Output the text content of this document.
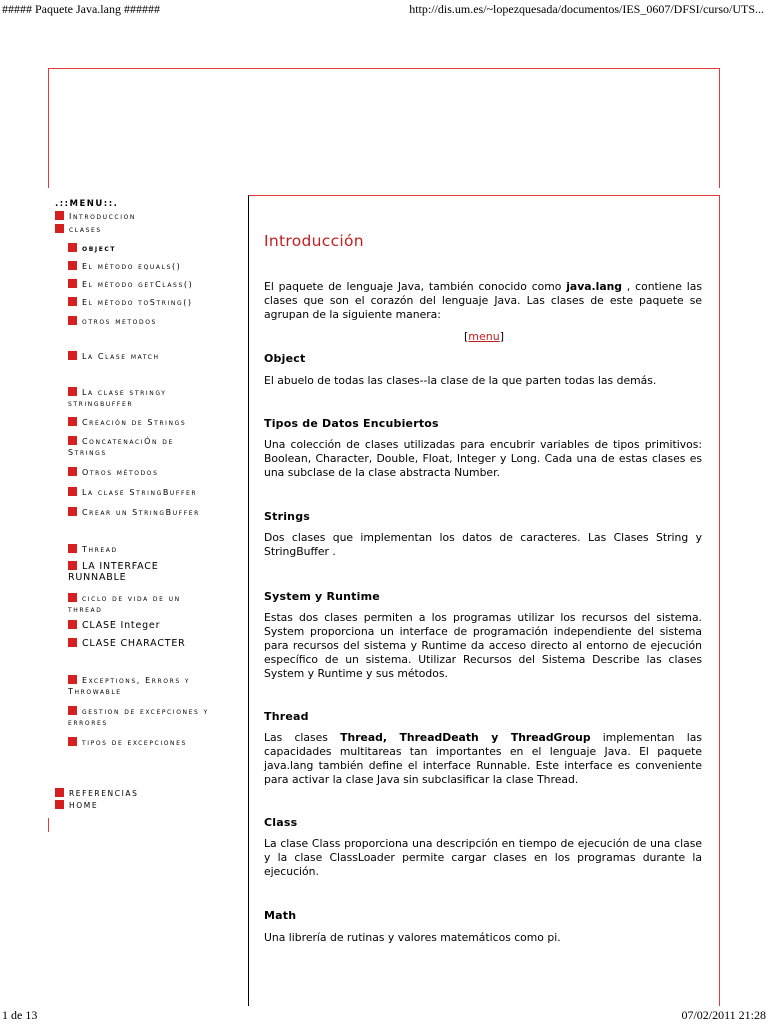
##### Paquete Java.lang ######	http://dis.um.es/~lopezquesada/documentos/IES_0607/DFSI/curso/UTS...
.::MENU::.
Introduccion
clases
object
El método equals()
El método getClass()
El método toString()
otros metodos
La Clase match
La clase stringy stringbuffer
Creación de Strings
ConcatenaciÓn de Strings
Otros métodos
La clase StringBuffer
Crear un StringBuffer
Thread
LA INTERFACE RUNNABLE
ciclo de vida de un thread
CLASE Integer
CLASE CHARACTER
Exceptions, Errors y Throwable
gestion de excepciones y errores
tipos de excepciones
REFERENCIAS
HOME
Introducción

El paquete de lenguaje Java, también conocido como java.lang , contiene las clases que son el corazón del lenguaje Java. Las clases de este paquete se agrupan de la siguiente manera:

[menu]
Object

El abuelo de todas las clases--la clase de la que parten todas las demás.

Tipos de Datos Encubiertos

Una colección de clases utilizadas para encubrir variables de tipos primitivos: Boolean, Character, Double, Float, Integer y Long. Cada una de estas clases es una subclase de la clase abstracta Number.

Strings

Dos clases que implementan los datos de caracteres. Las Clases String y StringBuffer .

System y Runtime

Estas dos clases permiten a los programas utilizar los recursos del sistema. System proporciona un interface de programación independiente del sistema para recursos del sistema y Runtime da acceso directo al entorno de ejecución específico de un sistema. Utilizar Recursos del Sistema Describe las clases System y Runtime y sus métodos.

Thread

Las clases Thread, ThreadDeath y ThreadGroup implementan las capacidades multitareas tan importantes en el lenguaje Java. El paquete java.lang también define el interface Runnable. Este interface es conveniente para activar la clase Java sin subclasificar la clase Thread.

Class

La clase Class proporciona una descripción en tiempo de ejecución de una clase y la clase ClassLoader permite cargar clases en los programas durante la ejecución.

Math

Una librería de rutinas y valores matemáticos como pi.

1 de 13	07/02/2011 21:28
